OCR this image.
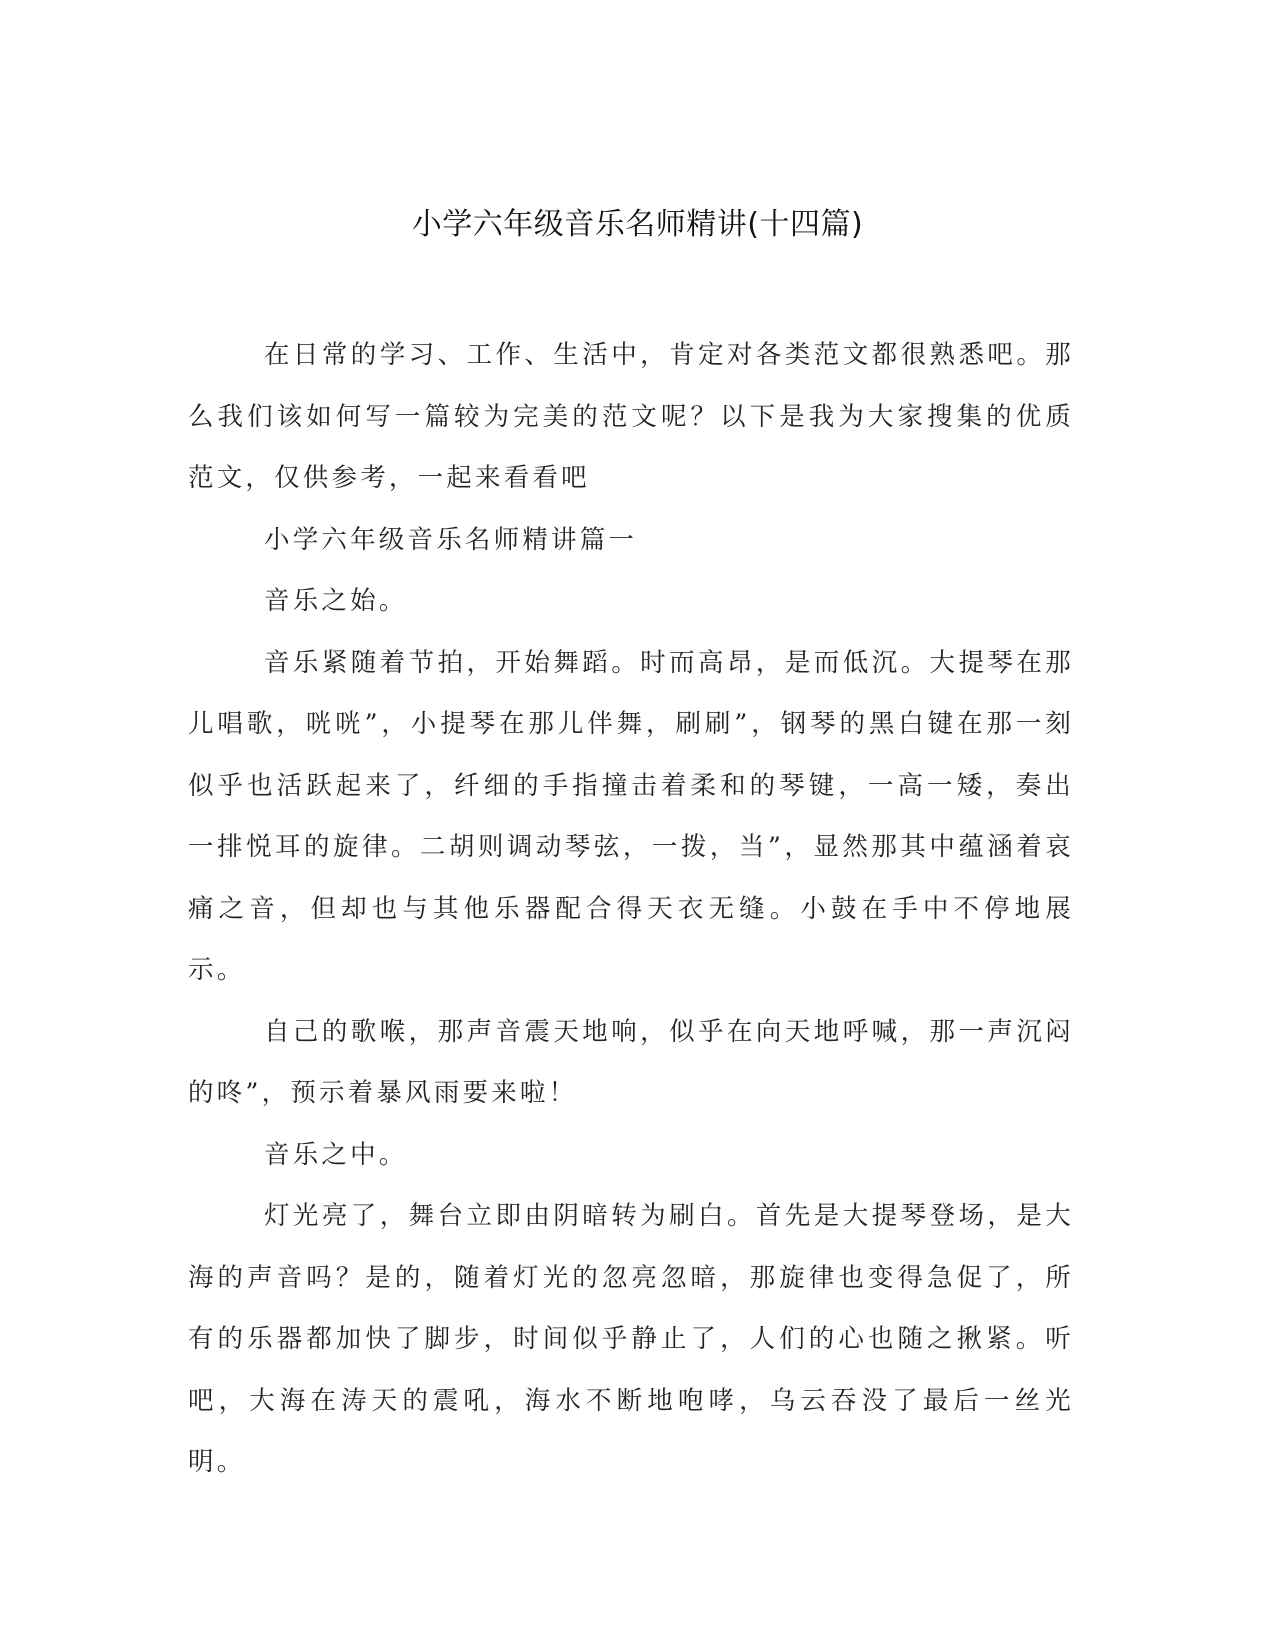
小学六年级音乐名师精讲(十四篇)

在日常的学习、工作、生活中，肯定对各类范文都很熟悉吧。那么我们该如何写一篇较为完美的范文呢？以下是我为大家搜集的优质范文，仅供参考，一起来看看吧

小学六年级音乐名师精讲篇一

音乐之始。

音乐紧随着节拍，开始舞蹈。时而高昂，是而低沉。大提琴在那儿唱歌，咣咣”，小提琴在那儿伴舞，刷刷”，钢琴的黑白键在那一刻似乎也活跃起来了，纤细的手指撞击着柔和的琴键，一高一矮，奏出一排悦耳的旋律。二胡则调动琴弦，一拨，当”，显然那其中蕴涵着哀痛之音，但却也与其他乐器配合得天衣无缝。小鼓在手中不停地展示。

自己的歌喉，那声音震天地响，似乎在向天地呼喊，那一声沉闷的咚”，预示着暴风雨要来啦！

音乐之中。

灯光亮了，舞台立即由阴暗转为刷白。首先是大提琴登场，是大海的声音吗？是的，随着灯光的忽亮忽暗，那旋律也变得急促了，所有的乐器都加快了脚步，时间似乎静止了，人们的心也随之揪紧。听吧，大海在涛天的震吼，海水不断地咆哮，乌云吞没了最后一丝光明。
